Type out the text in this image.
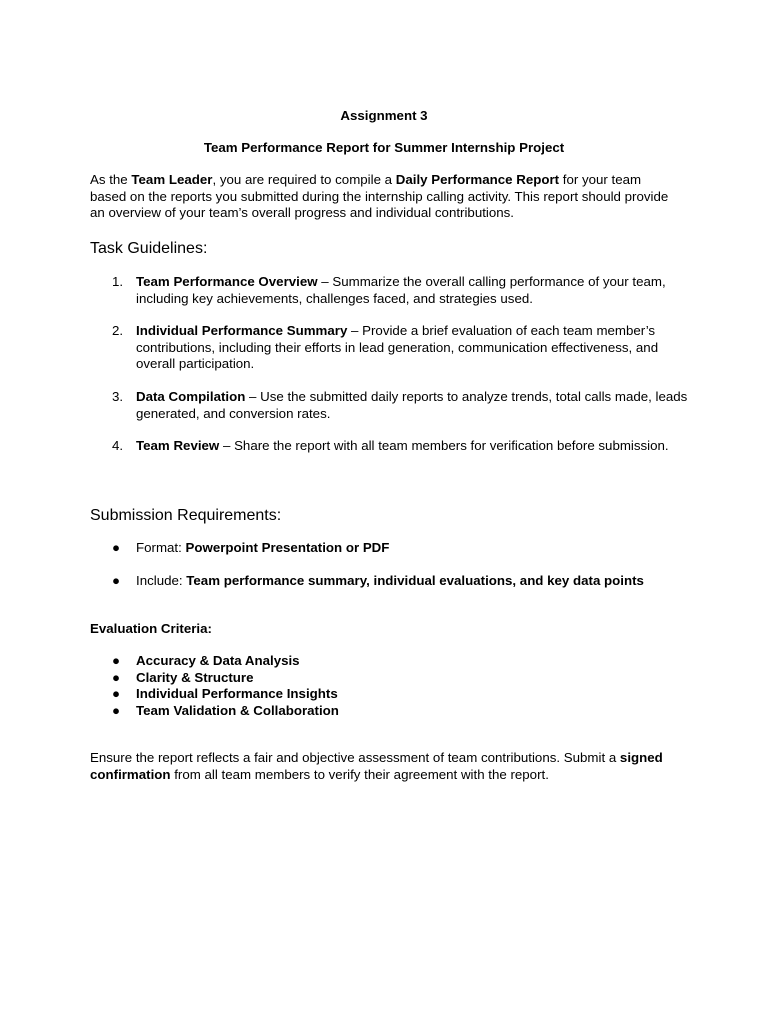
Assignment 3
Team Performance Report for Summer Internship Project
As the Team Leader, you are required to compile a Daily Performance Report for your team based on the reports you submitted during the internship calling activity. This report should provide an overview of your team’s overall progress and individual contributions.
Task Guidelines:
1. Team Performance Overview – Summarize the overall calling performance of your team, including key achievements, challenges faced, and strategies used.
2. Individual Performance Summary – Provide a brief evaluation of each team member’s contributions, including their efforts in lead generation, communication effectiveness, and overall participation.
3. Data Compilation – Use the submitted daily reports to analyze trends, total calls made, leads generated, and conversion rates.
4. Team Review – Share the report with all team members for verification before submission.
Submission Requirements:
● Format: Powerpoint Presentation or PDF
● Include: Team performance summary, individual evaluations, and key data points
Evaluation Criteria:
● Accuracy & Data Analysis
● Clarity & Structure
● Individual Performance Insights
● Team Validation & Collaboration
Ensure the report reflects a fair and objective assessment of team contributions. Submit a signed confirmation from all team members to verify their agreement with the report.
